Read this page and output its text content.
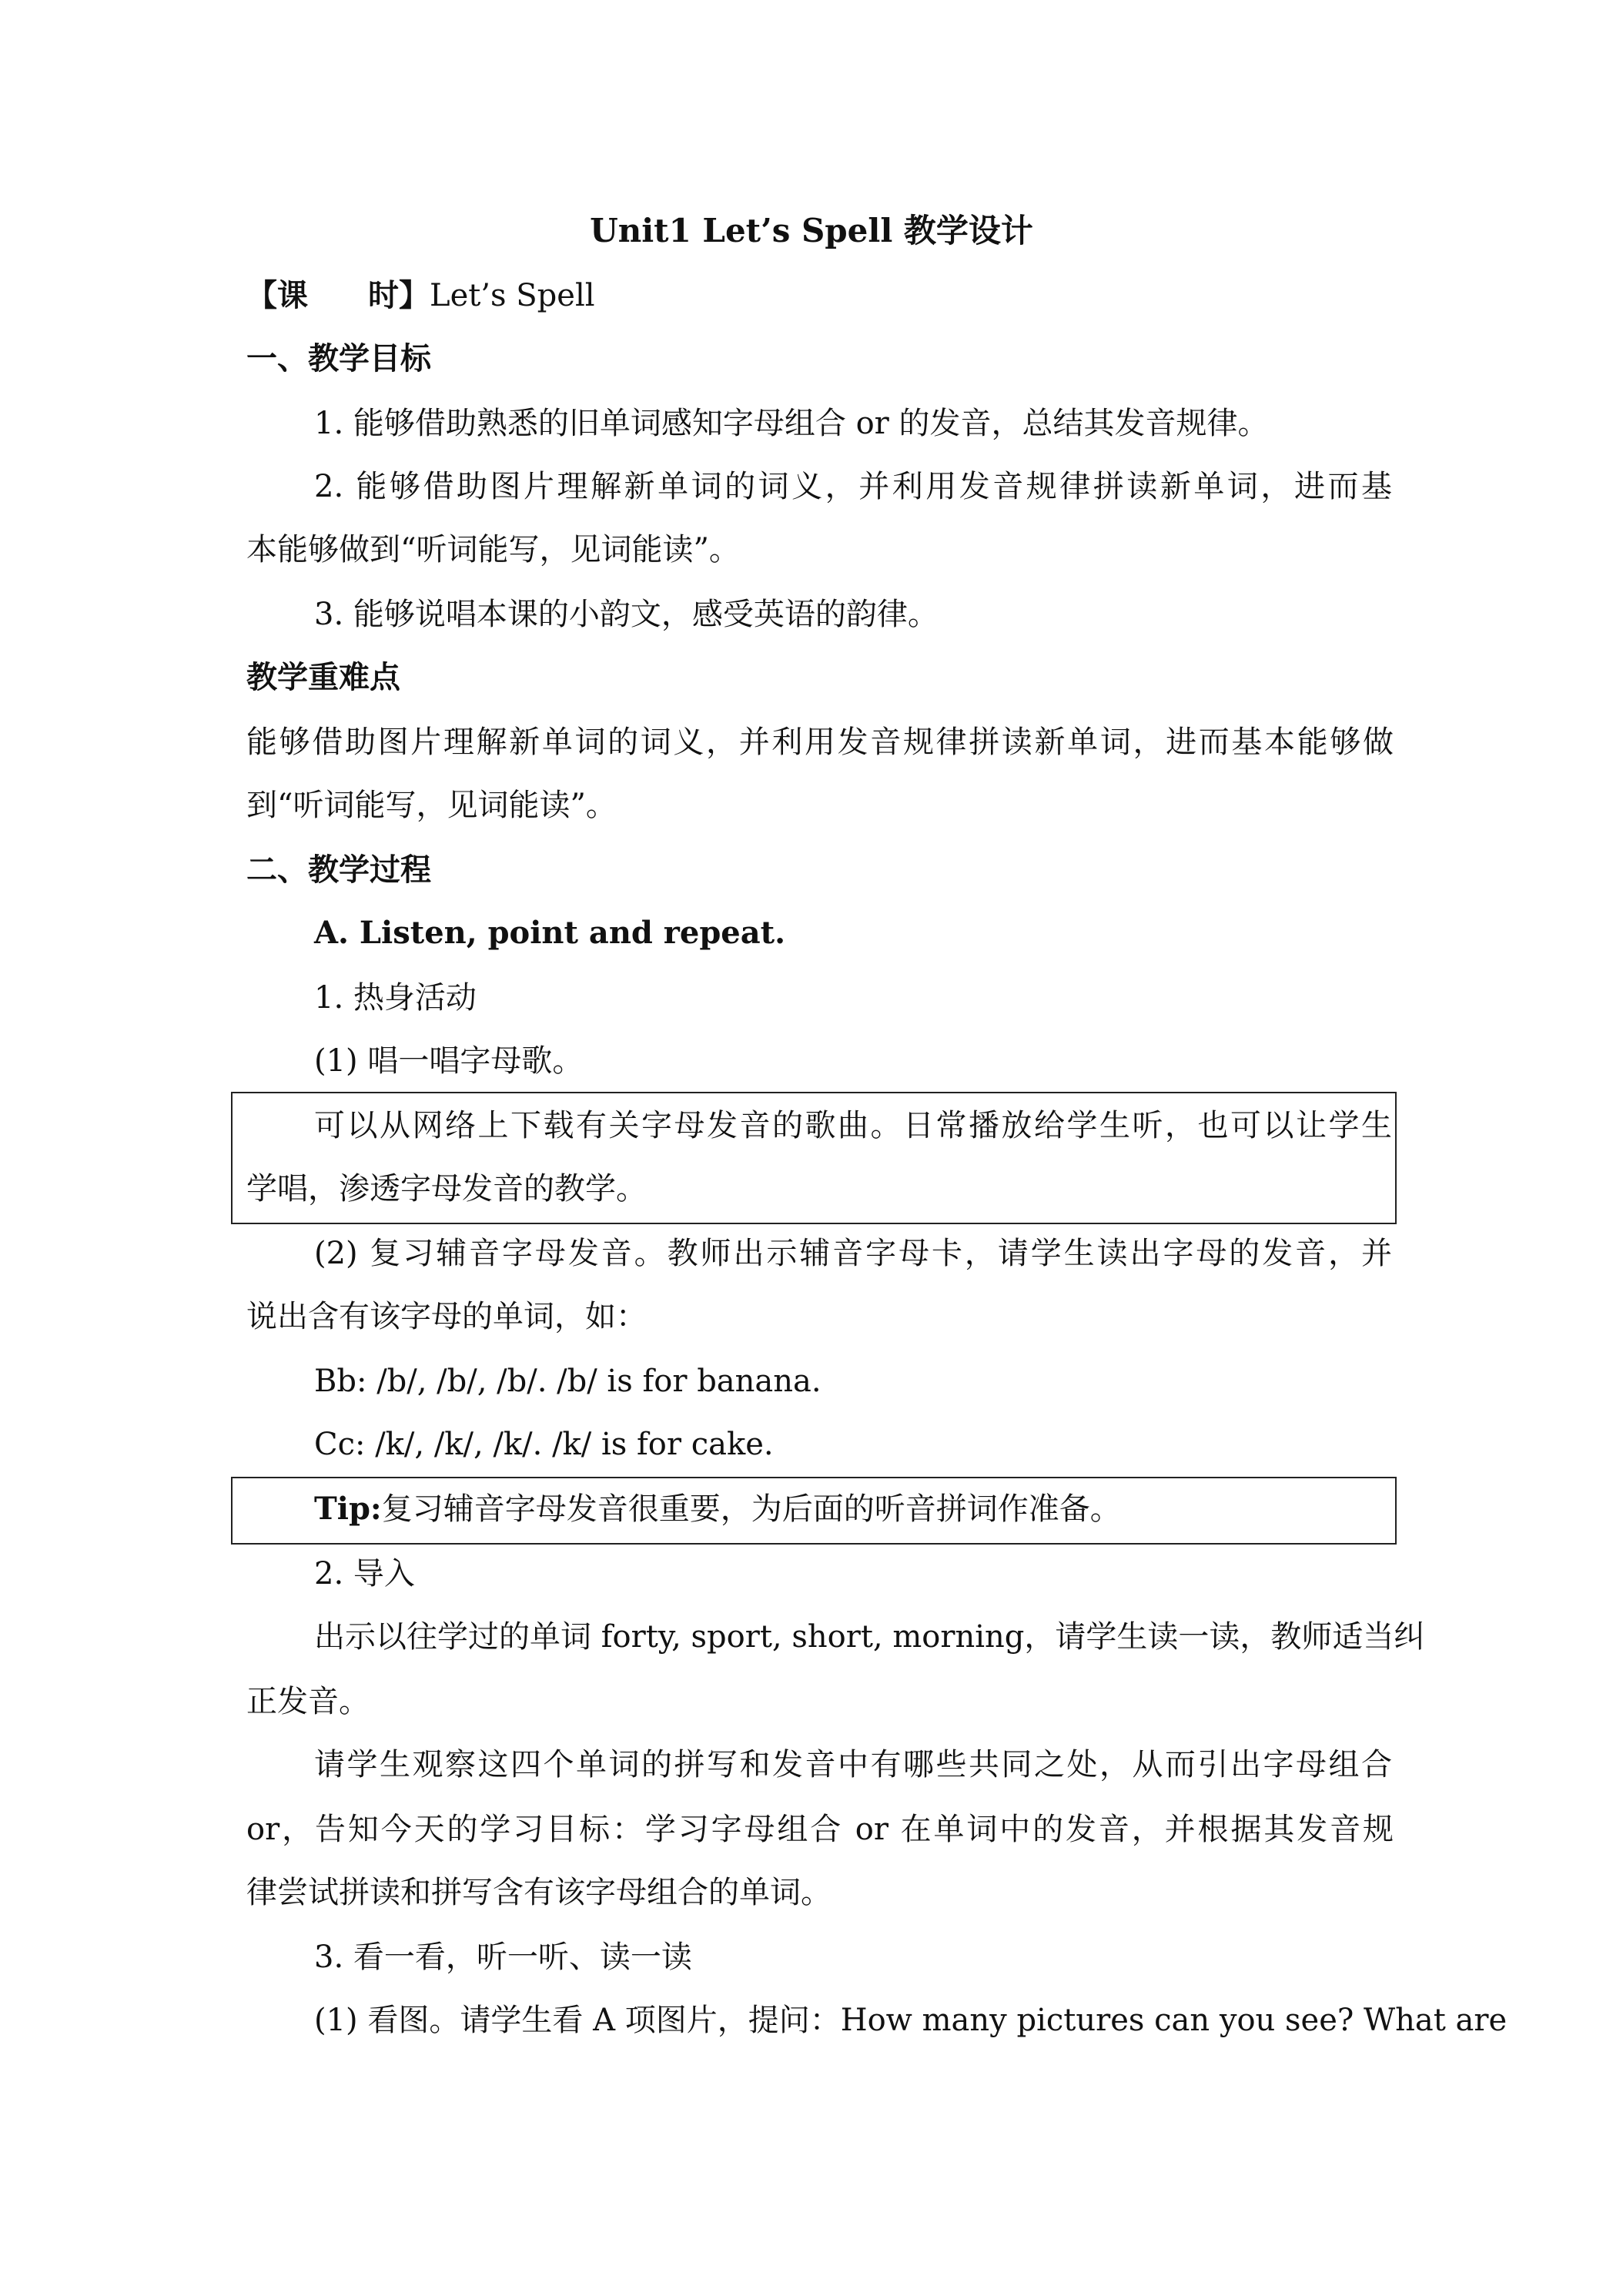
Unit1 Let’s Spell 教学设计
【课 时】Let’s Spell
一、教学目标
1. 能够借助熟悉的旧单词感知字母组合 or 的发音，总结其发音规律。
2. 能够借助图片理解新单词的词义，并利用发音规律拼读新单词，进而基
本能够做到“听词能写，见词能读”。
3. 能够说唱本课的小韵文，感受英语的韵律。
教学重难点
能够借助图片理解新单词的词义，并利用发音规律拼读新单词，进而基本能够做
到“听词能写，见词能读”。
二、教学过程
A. Listen, point and repeat.
1. 热身活动
(1) 唱一唱字母歌。
可以从网络上下载有关字母发音的歌曲。日常播放给学生听，也可以让学生
学唱，渗透字母发音的教学。
(2) 复习辅音字母发音。教师出示辅音字母卡，请学生读出字母的发音，并
说出含有该字母的单词，如：
Bb: /b/, /b/, /b/. /b/ is for banana.
Cc: /k/, /k/, /k/. /k/ is for cake.
Tip:复习辅音字母发音很重要，为后面的听音拼词作准备。
2. 导入
出示以往学过的单词 forty, sport, short, morning，请学生读一读，教师适当纠
正发音。
请学生观察这四个单词的拼写和发音中有哪些共同之处，从而引出字母组合
or，告知今天的学习目标：学习字母组合 or 在单词中的发音，并根据其发音规
律尝试拼读和拼写含有该字母组合的单词。
3. 看一看，听一听、读一读
(1) 看图。请学生看 A 项图片，提问：How many pictures can you see? What are
